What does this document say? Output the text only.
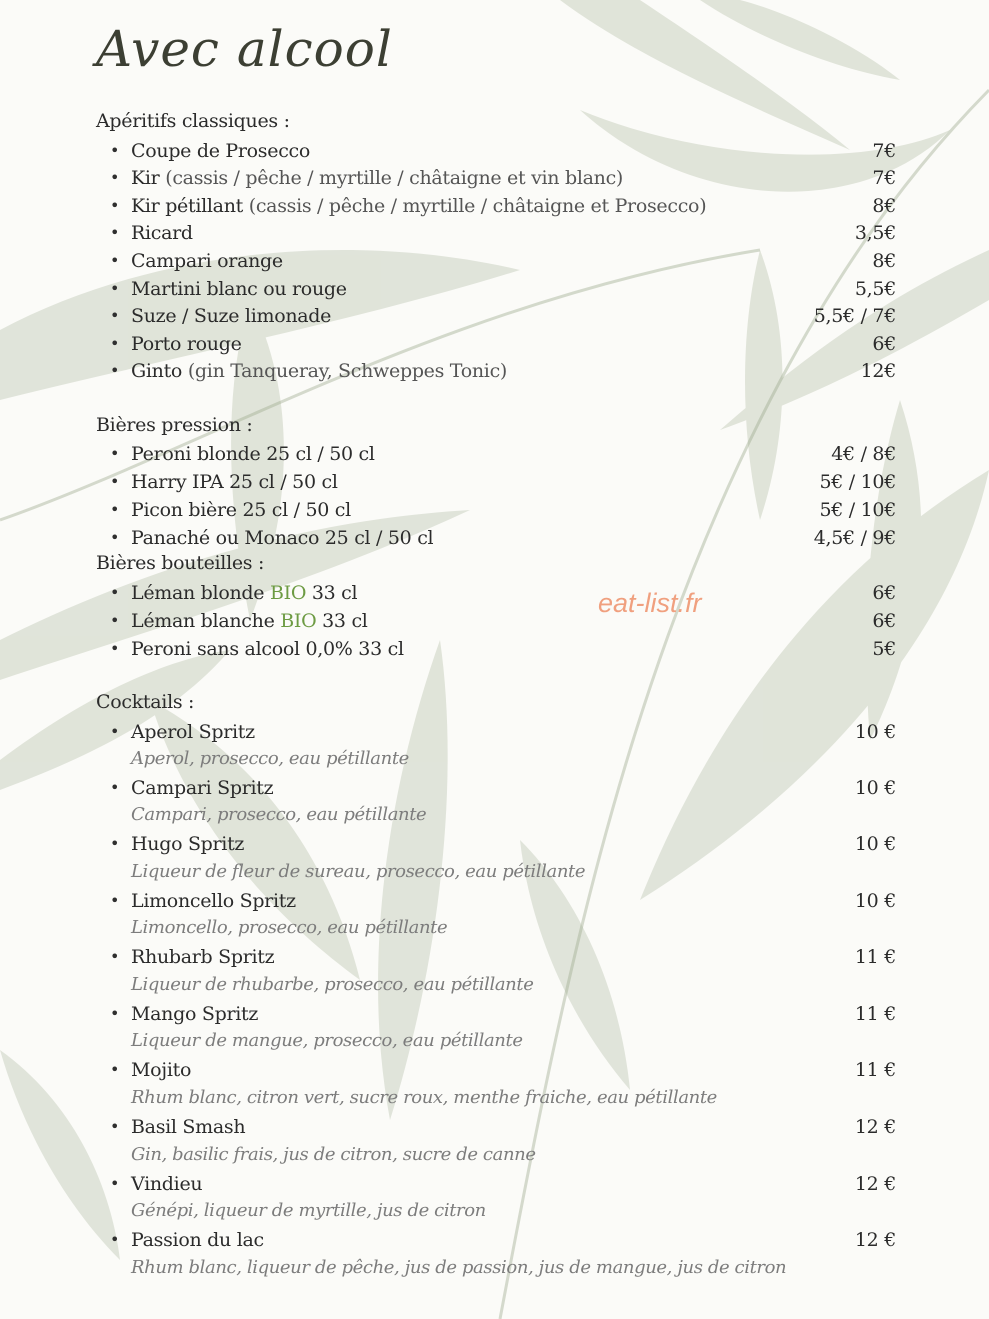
Avec alcool
eat-list.fr
Apéritifs classiques :
• Coupe de Prosecco	7€
• Kir (cassis / pêche / myrtille / châtaigne et vin blanc)	7€
• Kir pétillant (cassis / pêche / myrtille / châtaigne et Prosecco)	8€
• Ricard	3,5€
• Campari orange	8€
• Martini blanc ou rouge	5,5€
• Suze / Suze limonade	5,5€ / 7€
• Porto rouge	6€
• Ginto (gin Tanqueray, Schweppes Tonic)	12€
Bières pression :
• Peroni blonde 25 cl / 50 cl	4€ / 8€
• Harry IPA 25 cl / 50 cl	5€ / 10€
• Picon bière 25 cl / 50 cl	5€ / 10€
• Panaché ou Monaco 25 cl / 50 cl	4,5€ / 9€
Bières bouteilles :
• Léman blonde BIO 33 cl	6€
• Léman blanche BIO 33 cl	6€
• Peroni sans alcool 0,0% 33 cl	5€
Cocktails :
• Aperol Spritz	10 €
Aperol, prosecco, eau pétillante
• Campari Spritz	10 €
Campari, prosecco, eau pétillante
• Hugo Spritz	10 €
Liqueur de fleur de sureau, prosecco, eau pétillante
• Limoncello Spritz	10 €
Limoncello, prosecco, eau pétillante
• Rhubarb Spritz	11 €
Liqueur de rhubarbe, prosecco, eau pétillante
• Mango Spritz	11 €
Liqueur de mangue, prosecco, eau pétillante
• Mojito	11 €
Rhum blanc, citron vert, sucre roux, menthe fraiche, eau pétillante
• Basil Smash	12 €
Gin, basilic frais, jus de citron, sucre de canne
• Vindieu	12 €
Génépi, liqueur de myrtille, jus de citron
• Passion du lac	12 €
Rhum blanc, liqueur de pêche, jus de passion, jus de mangue, jus de citron
